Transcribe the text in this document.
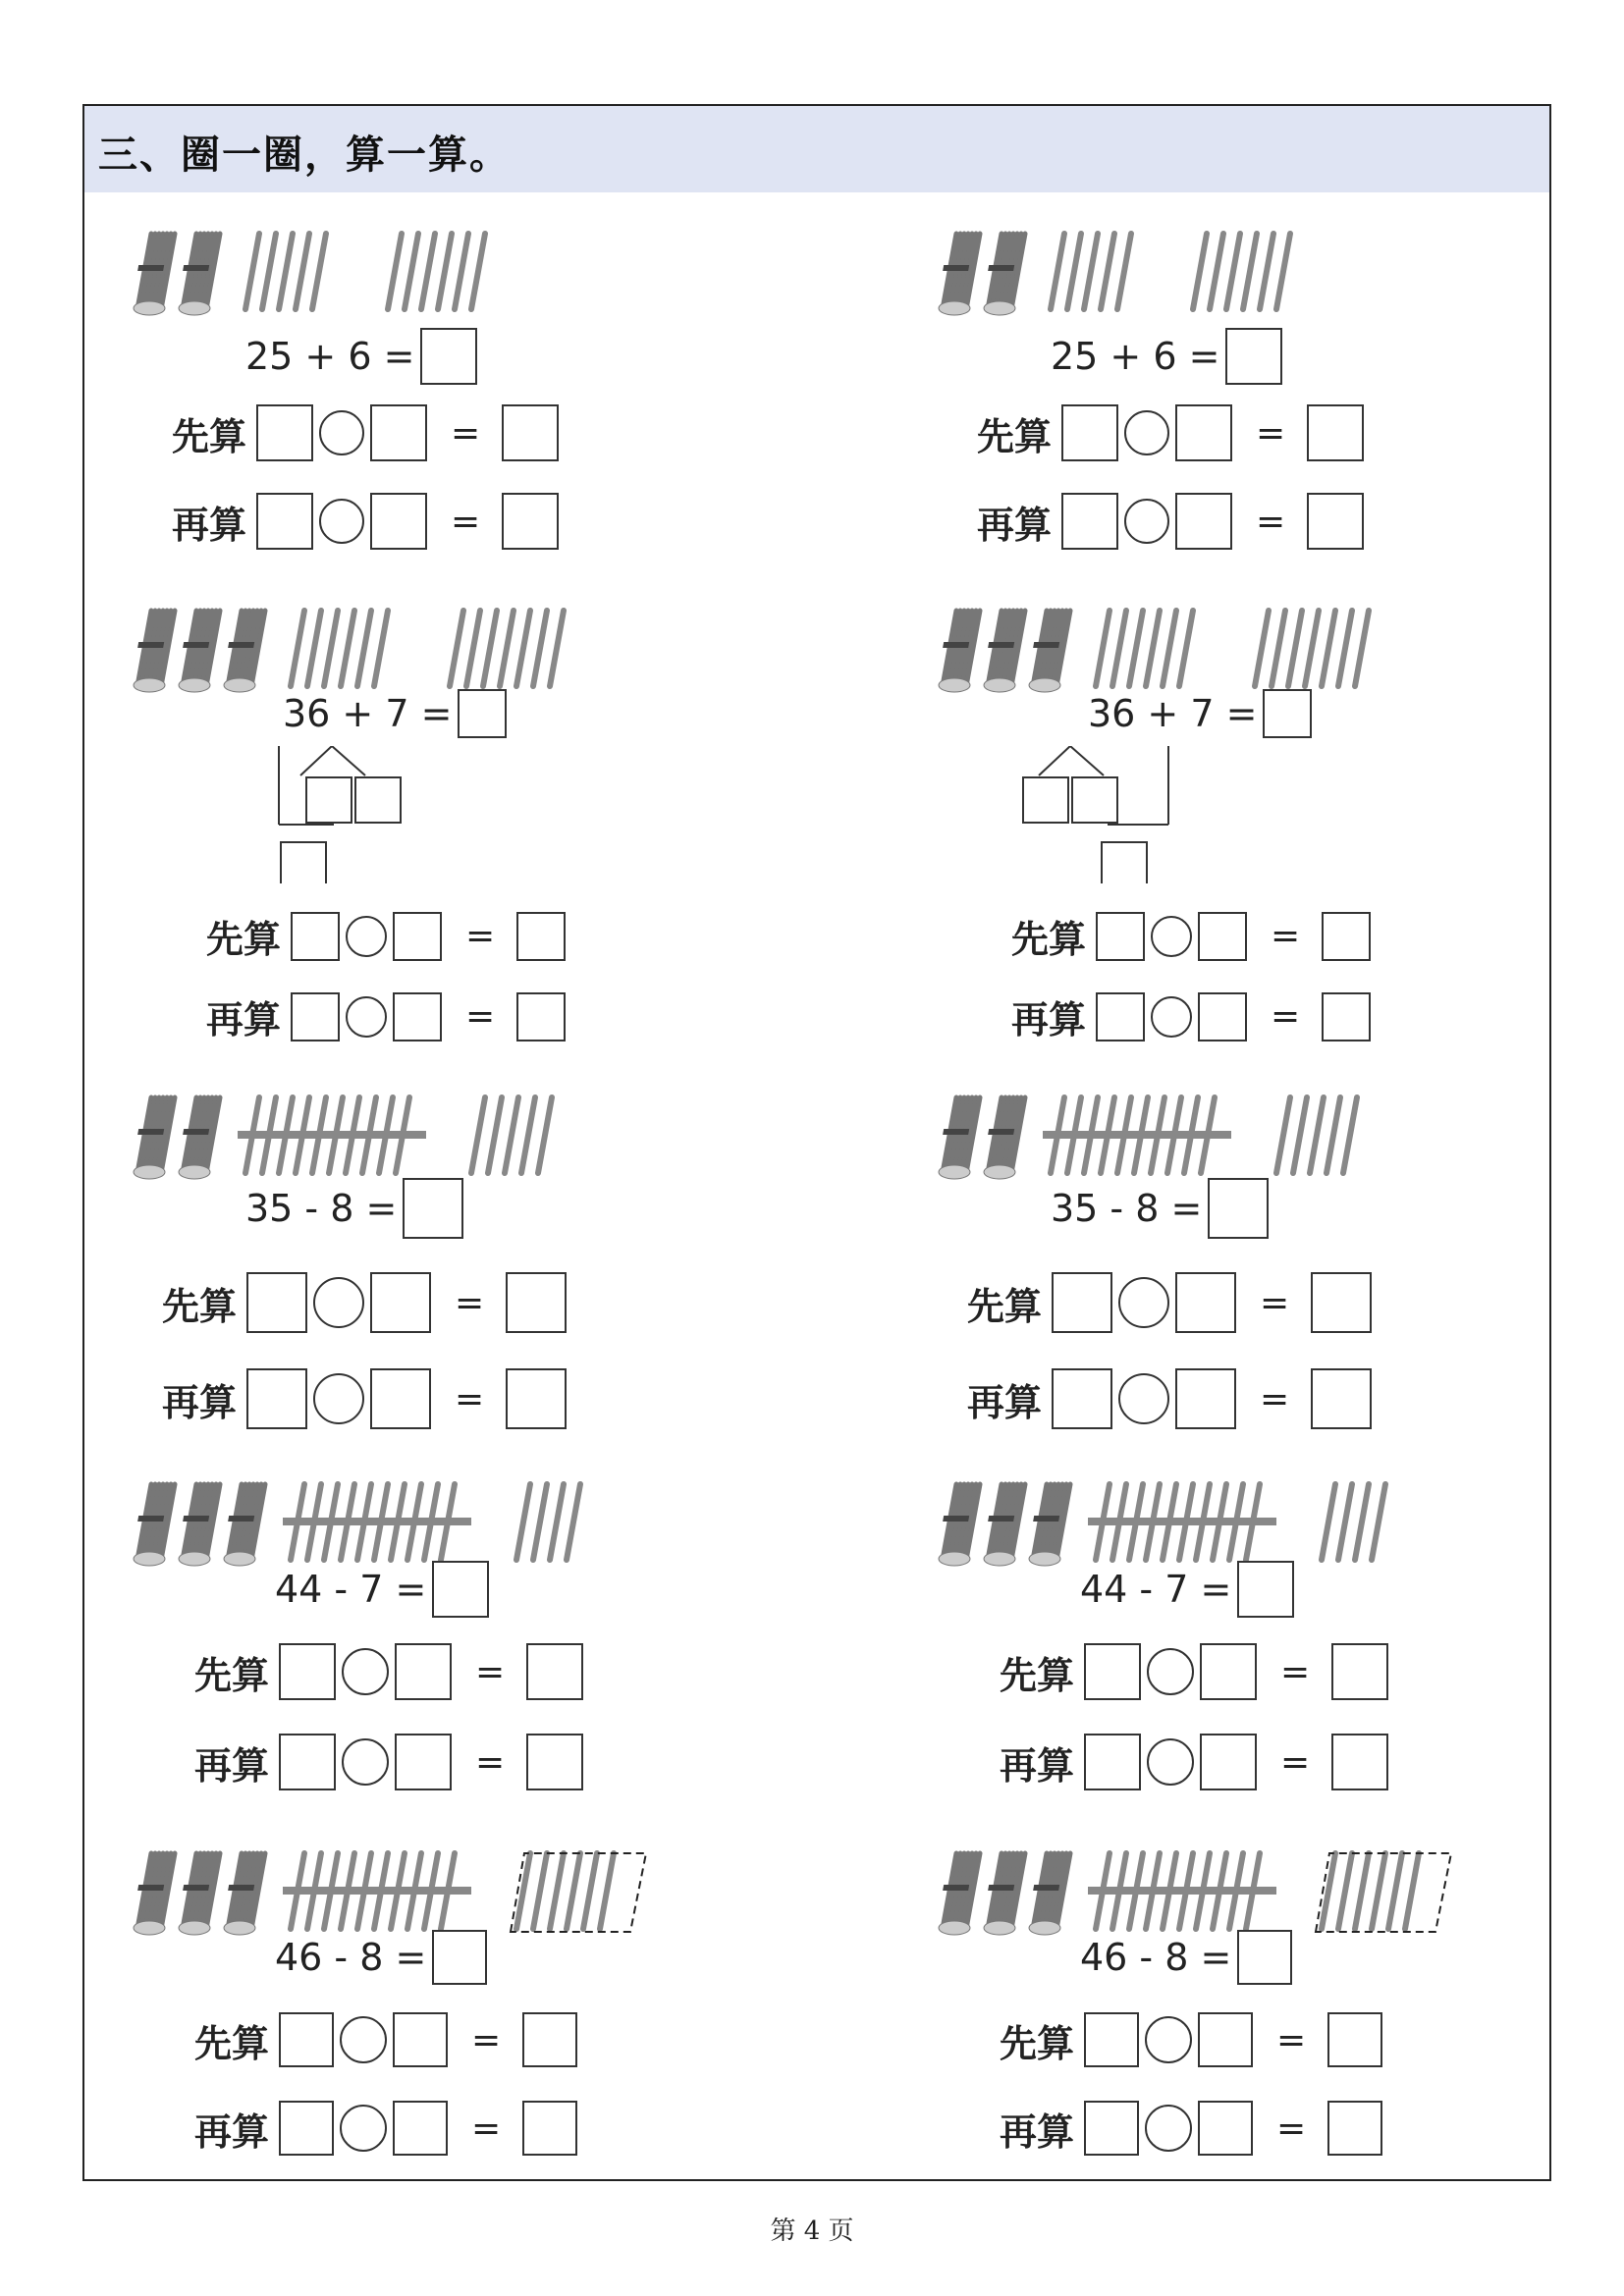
三、圈一圈，算一算。
25 + 6 =
先算	=
再算	=
25 + 6 =
先算	=
再算	=
36 + 7 =
先算	=
再算	=
36 + 7 =
先算	=
再算	=
35 - 8 =
先算	=
再算	=
35 - 8 =
先算	=
再算	=
44 - 7 =
先算	=
再算	=
44 - 7 =
先算	=
再算	=
46 - 8 =
先算	=
再算	=
46 - 8 =
先算	=
再算	=
第 4 页
